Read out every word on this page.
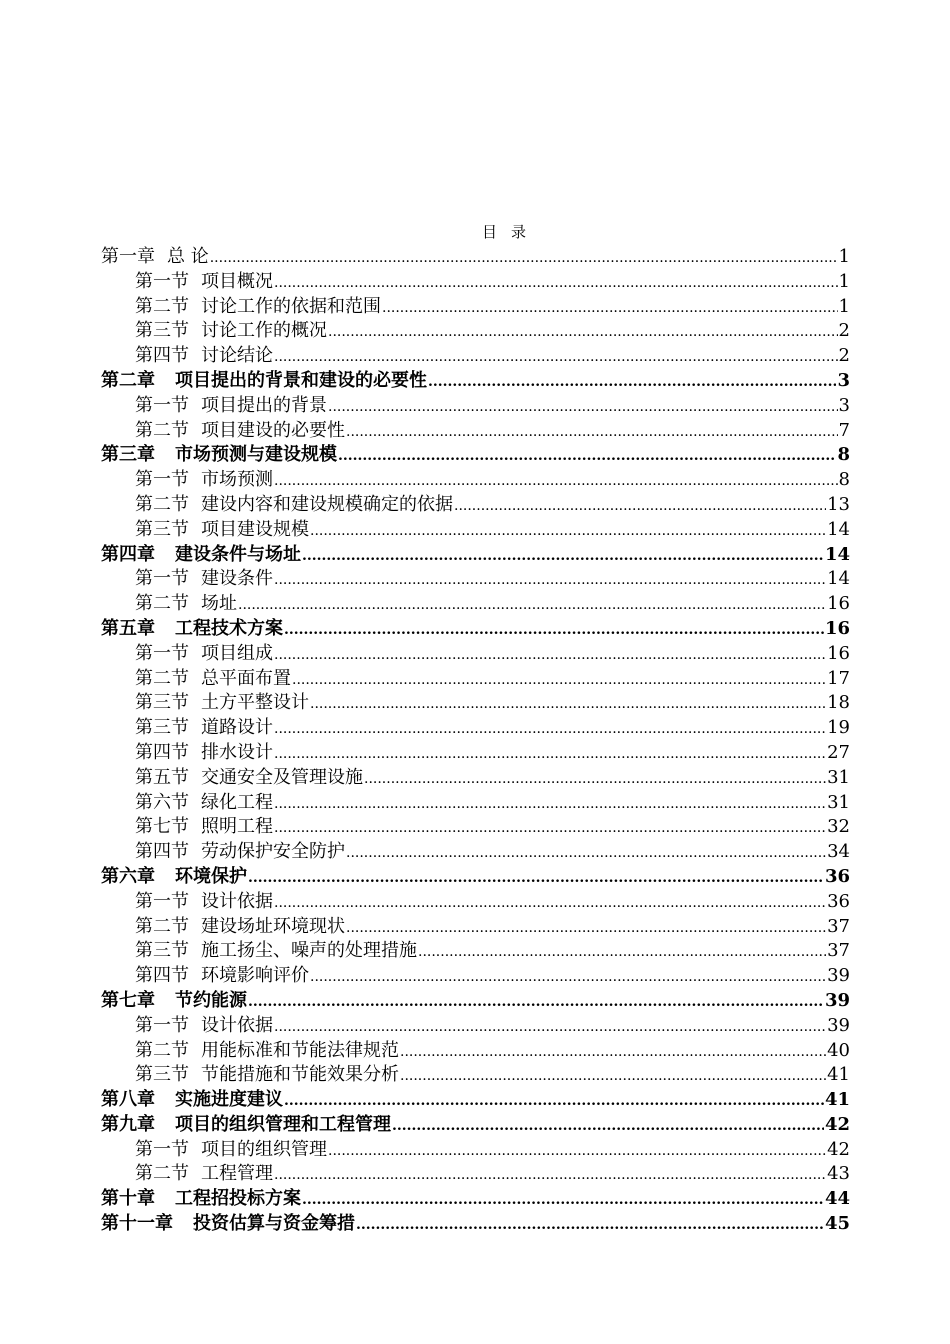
目录
第一章 总 论 .....	1
第一节 项目概况 .....	1
第二节 讨论工作的依据和范围 .....	1
第三节 讨论工作的概况 .....	2
第四节 讨论结论 .....	2
第二章 项目提出的背景和建设的必要性 .....	3
第一节 项目提出的背景 .....	3
第二节 项目建设的必要性 .....	7
第三章 市场预测与建设规模 .....	8
第一节 市场预测 .....	8
第二节 建设内容和建设规模确定的依据 .....	13
第三节 项目建设规模 .....	14
第四章 建设条件与场址 .....	14
第一节 建设条件 .....	14
第二节 场址 .....	16
第五章 工程技术方案 .....	16
第一节 项目组成 .....	16
第二节 总平面布置 .....	17
第三节 土方平整设计 .....	18
第三节 道路设计 .....	19
第四节 排水设计 .....	27
第五节 交通安全及管理设施 .....	31
第六节 绿化工程 .....	31
第七节 照明工程 .....	32
第四节 劳动保护安全防护 .....	34
第六章 环境保护 .....	36
第一节 设计依据 .....	36
第二节 建设场址环境现状 .....	37
第三节 施工扬尘、噪声的处理措施 .....	37
第四节 环境影响评价 .....	39
第七章 节约能源 .....	39
第一节 设计依据 .....	39
第二节 用能标准和节能法律规范 .....	40
第三节 节能措施和节能效果分析 .....	41
第八章 实施进度建议 .....	41
第九章 项目的组织管理和工程管理 .....	42
第一节 项目的组织管理 .....	42
第二节 工程管理 .....	43
第十章 工程招投标方案 .....	44
第十一章 投资估算与资金筹措 .....	45
